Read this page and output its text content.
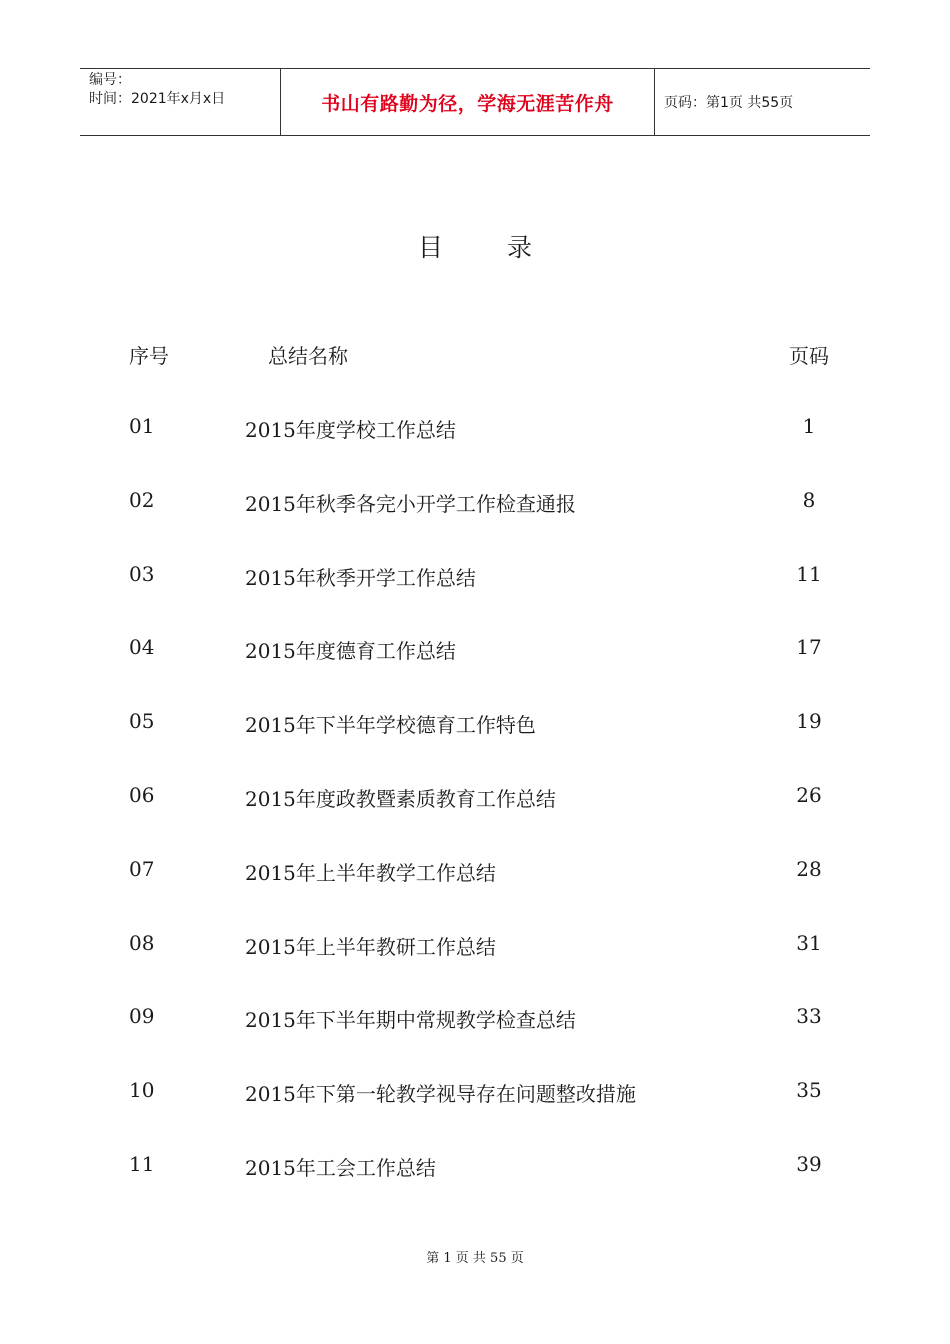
编号：
时间：2021年x月x日	书山有路勤为径，学海无涯苦作舟	页码：第1页 共55页
目	录
序号	总结名称	页码
01	2015年度学校工作总结	1
02	2015年秋季各完小开学工作检查通报	8
03	2015年秋季开学工作总结	11
04	2015年度德育工作总结	17
05	2015年下半年学校德育工作特色	19
06	2015年度政教暨素质教育工作总结	26
07	2015年上半年教学工作总结	28
08	2015年上半年教研工作总结	31
09	2015年下半年期中常规教学检查总结	33
10	2015年下第一轮教学视导存在问题整改措施	35
11	2015年工会工作总结	39
第 1 页 共 55 页
